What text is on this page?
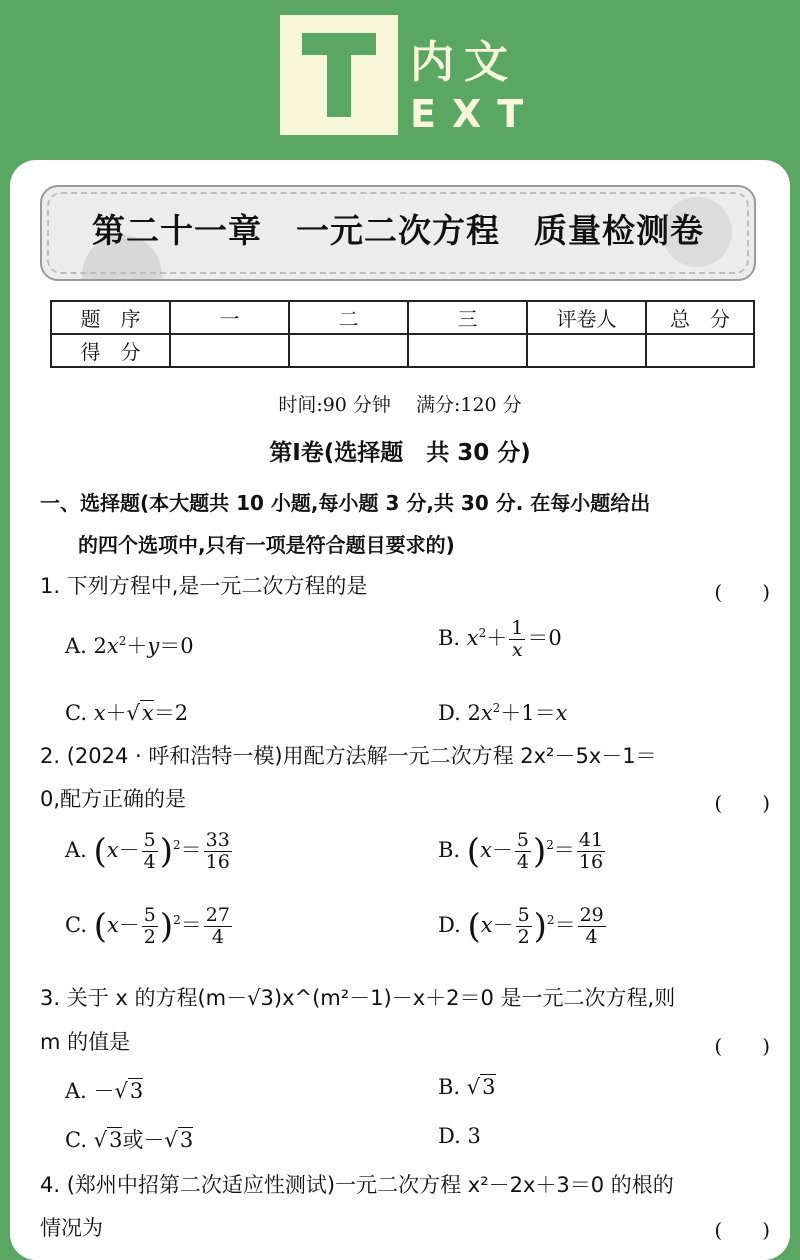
内文
EXT
第二十一章　一元二次方程　质量检测卷
题　序	一	二	三	评卷人	总　分
得　分					
时间:90 分钟　 满分:120 分
第Ⅰ卷(选择题　共 30 分)
一、选择题(本大题共 10 小题,每小题 3 分,共 30 分. 在每小题给出
的四个选项中,只有一项是符合题目要求的)
1. 下列方程中,是一元二次方程的是	(　　)
A. $2x^2+y=0$	B. $x^2+ \frac{1}{x} =0$
C. x＋√x＝2	D. $2x^2+1=x$
2. (2024 · 呼和浩特一模)用配方法解一元二次方程 2x²－5x－1＝
0,配方正确的是	(　　)
A. $(x- \frac{5}{4} )^2= \frac{33}{16}$	B. $(x- \frac{5}{4} )^2= \frac{41}{16}$
C. $(x- \frac{5}{2} )^2= \frac{27}{4}$	D. $(x- \frac{5}{2} )^2= \frac{29}{4}$
3. 关于 x 的方程(m－√3)x^(m²－1)－x＋2＝0 是一元二次方程,则
m 的值是	(　　)
A. －√3	B. √3
C. √3或－√3	D. 3
4. (郑州中招第二次适应性测试)一元二次方程 x²－2x＋3＝0 的根的
情况为	(　　)
